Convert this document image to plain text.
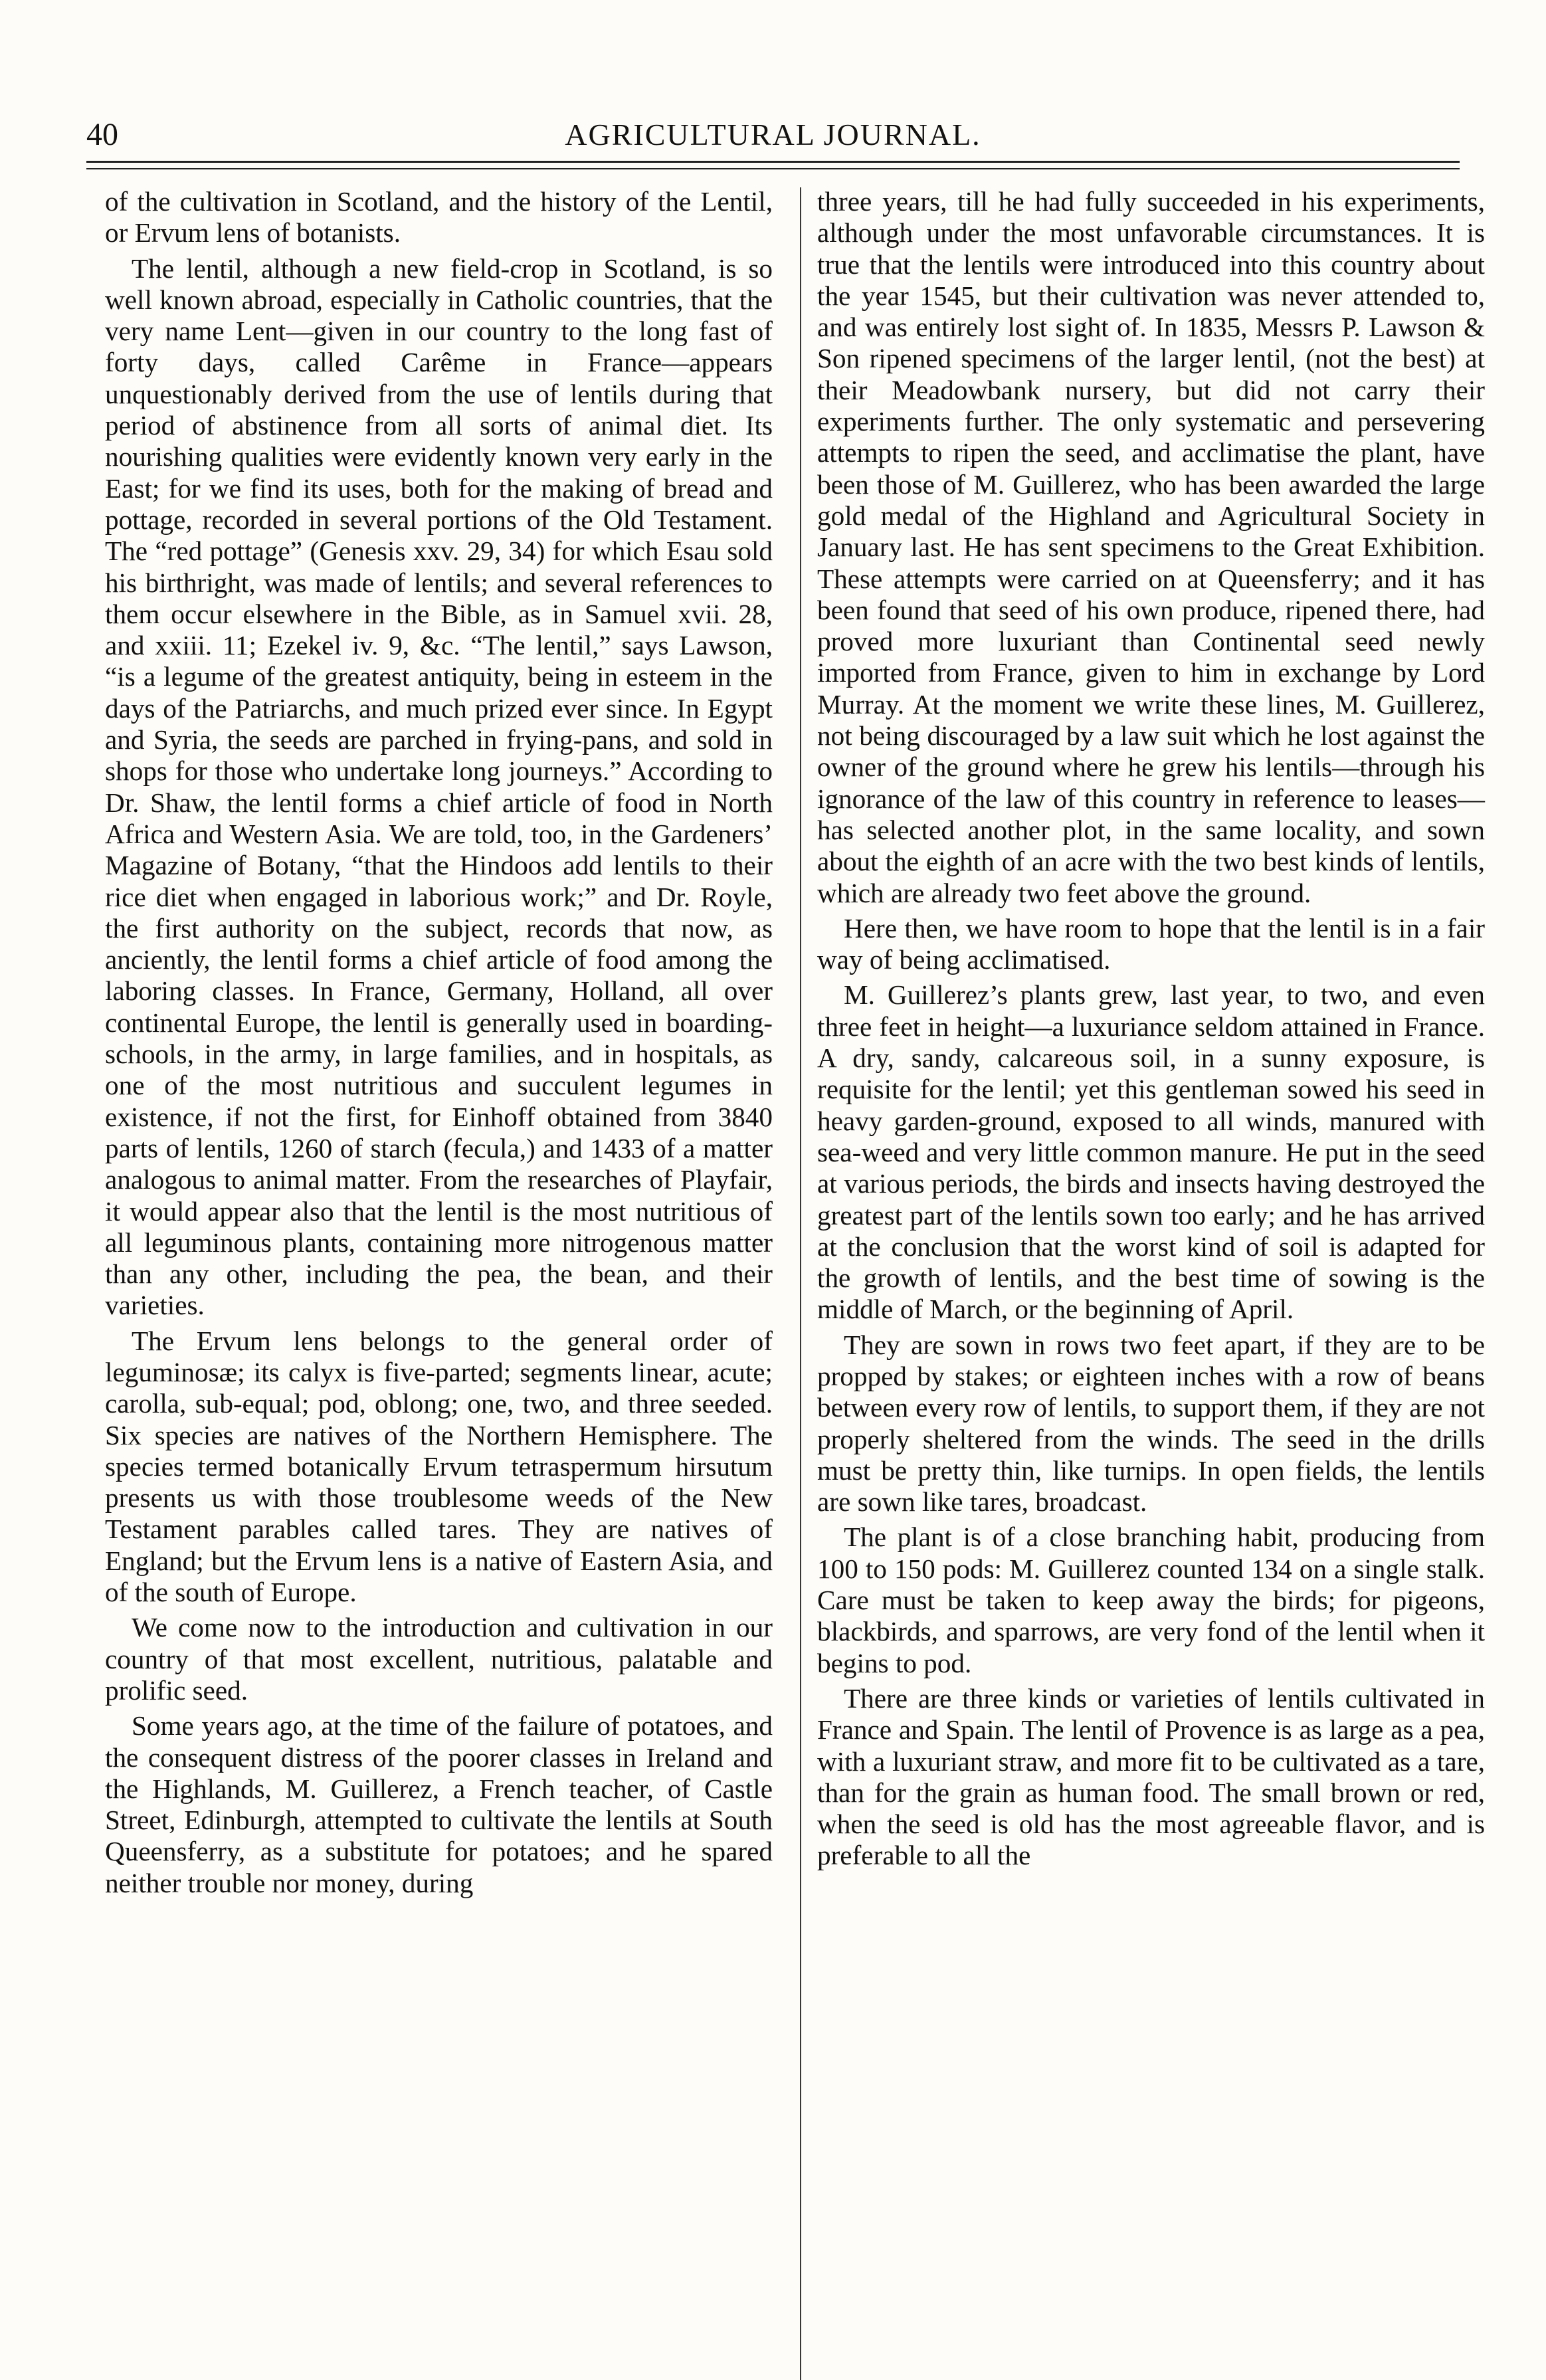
40	AGRICULTURAL JOURNAL.

of the cultivation in Scotland, and the history of the Lentil, or Ervum lens of botanists.

The lentil, although a new field-crop in Scotland, is so well known abroad, especially in Catholic countries, that the very name Lent—given in our country to the long fast of forty days, called Carême in France—appears unquestionably derived from the use of lentils during that period of abstinence from all sorts of animal diet. Its nourishing qualities were evidently known very early in the East; for we find its uses, both for the making of bread and pottage, recorded in several portions of the Old Testament. The “red pottage” (Genesis xxv. 29, 34) for which Esau sold his birthright, was made of lentils; and several references to them occur elsewhere in the Bible, as in Samuel xvii. 28, and xxiii. 11; Ezekel iv. 9, &c. “The lentil,” says Lawson, “is a legume of the greatest antiquity, being in esteem in the days of the Patriarchs, and much prized ever since. In Egypt and Syria, the seeds are parched in frying-pans, and sold in shops for those who undertake long journeys.” According to Dr. Shaw, the lentil forms a chief article of food in North Africa and Western Asia. We are told, too, in the Gardeners’ Magazine of Botany, “that the Hindoos add lentils to their rice diet when engaged in laborious work;” and Dr. Royle, the first authority on the subject, records that now, as anciently, the lentil forms a chief article of food among the laboring classes. In France, Germany, Holland, all over continental Europe, the lentil is generally used in boarding-schools, in the army, in large families, and in hospitals, as one of the most nutritious and succulent legumes in existence, if not the first, for Einhoff obtained from 3840 parts of lentils, 1260 of starch (fecula,) and 1433 of a matter analogous to animal matter. From the researches of Playfair, it would appear also that the lentil is the most nutritious of all leguminous plants, containing more nitrogenous matter than any other, including the pea, the bean, and their varieties.

The Ervum lens belongs to the general order of leguminosæ; its calyx is five-parted; segments linear, acute; carolla, sub-equal; pod, oblong; one, two, and three seeded. Six species are natives of the Northern Hemisphere. The species termed botanically Ervum tetraspermum hirsutum presents us with those troublesome weeds of the New Testament parables called tares. They are natives of England; but the Ervum lens is a native of Eastern Asia, and of the south of Europe.

We come now to the introduction and cultivation in our country of that most excellent, nutritious, palatable and prolific seed.

Some years ago, at the time of the failure of potatoes, and the consequent distress of the poorer classes in Ireland and the Highlands, M. Guillerez, a French teacher, of Castle Street, Edinburgh, attempted to cultivate the lentils at South Queensferry, as a substitute for potatoes; and he spared neither trouble nor money, during

three years, till he had fully succeeded in his experiments, although under the most unfavorable circumstances. It is true that the lentils were introduced into this country about the year 1545, but their cultivation was never attended to, and was entirely lost sight of. In 1835, Messrs P. Lawson & Son ripened specimens of the larger lentil, (not the best) at their Meadowbank nursery, but did not carry their experiments further. The only systematic and persevering attempts to ripen the seed, and acclimatise the plant, have been those of M. Guillerez, who has been awarded the large gold medal of the Highland and Agricultural Society in January last. He has sent specimens to the Great Exhibition. These attempts were carried on at Queensferry; and it has been found that seed of his own produce, ripened there, had proved more luxuriant than Continental seed newly imported from France, given to him in exchange by Lord Murray. At the moment we write these lines, M. Guillerez, not being discouraged by a law suit which he lost against the owner of the ground where he grew his lentils—through his ignorance of the law of this country in reference to leases—has selected another plot, in the same locality, and sown about the eighth of an acre with the two best kinds of lentils, which are already two feet above the ground.

Here then, we have room to hope that the lentil is in a fair way of being acclimatised.

M. Guillerez’s plants grew, last year, to two, and even three feet in height—a luxuriance seldom attained in France. A dry, sandy, calcareous soil, in a sunny exposure, is requisite for the lentil; yet this gentleman sowed his seed in heavy garden-ground, exposed to all winds, manured with sea-weed and very little common manure. He put in the seed at various periods, the birds and insects having destroyed the greatest part of the lentils sown too early; and he has arrived at the conclusion that the worst kind of soil is adapted for the growth of lentils, and the best time of sowing is the middle of March, or the beginning of April.

They are sown in rows two feet apart, if they are to be propped by stakes; or eighteen inches with a row of beans between every row of lentils, to support them, if they are not properly sheltered from the winds. The seed in the drills must be pretty thin, like turnips. In open fields, the lentils are sown like tares, broadcast.

The plant is of a close branching habit, producing from 100 to 150 pods: M. Guillerez counted 134 on a single stalk. Care must be taken to keep away the birds; for pigeons, blackbirds, and sparrows, are very fond of the lentil when it begins to pod.

There are three kinds or varieties of lentils cultivated in France and Spain. The lentil of Provence is as large as a pea, with a luxuriant straw, and more fit to be cultivated as a tare, than for the grain as human food. The small brown or red, when the seed is old has the most agreeable flavor, and is preferable to all the
